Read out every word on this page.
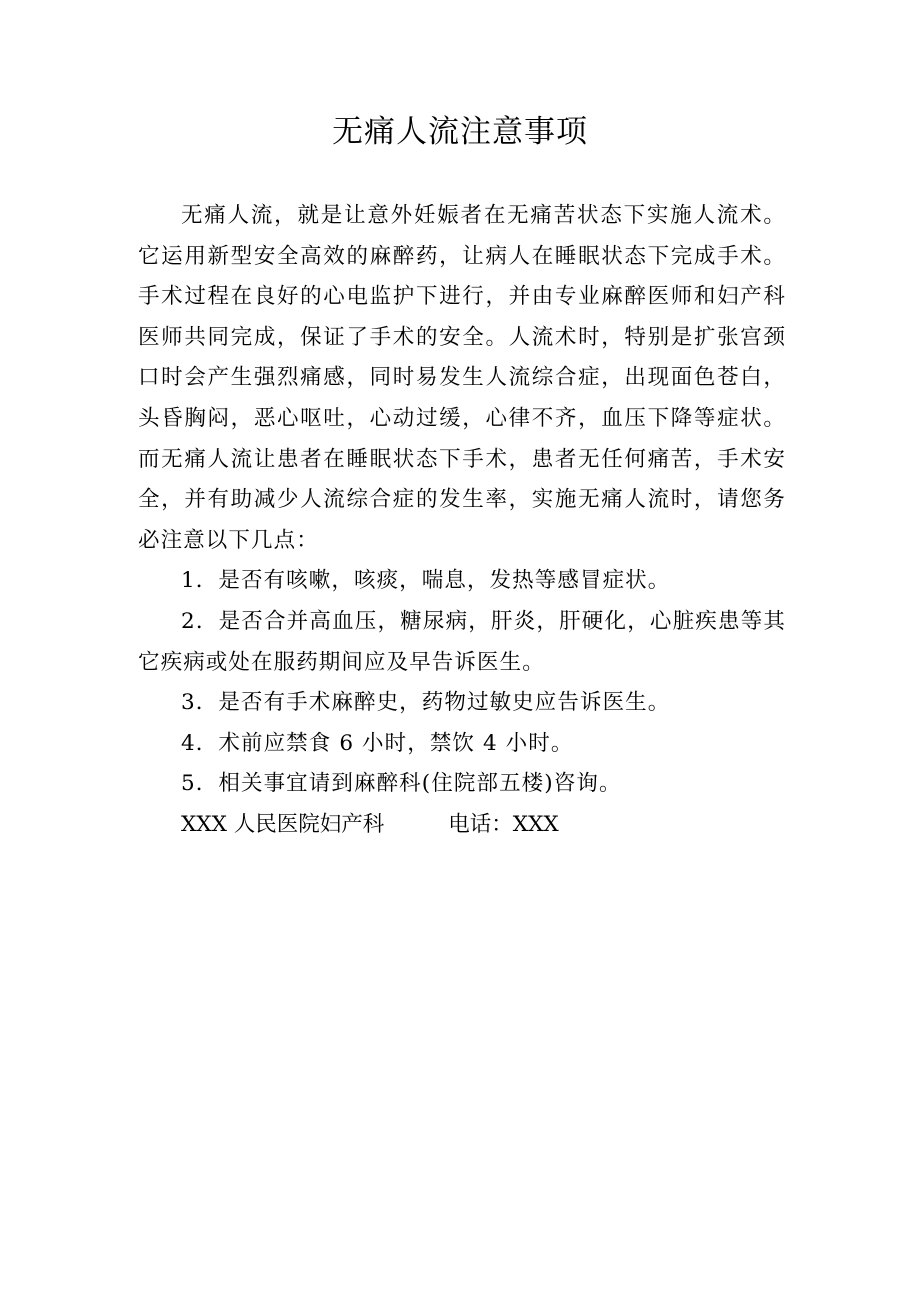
无痛人流注意事项

无痛人流，就是让意外妊娠者在无痛苦状态下实施人流术。它运用新型安全高效的麻醉药，让病人在睡眠状态下完成手术。手术过程在良好的心电监护下进行，并由专业麻醉医师和妇产科医师共同完成，保证了手术的安全。人流术时，特别是扩张宫颈口时会产生强烈痛感，同时易发生人流综合症，出现面色苍白，头昏胸闷，恶心呕吐，心动过缓，心律不齐，血压下降等症状。而无痛人流让患者在睡眠状态下手术，患者无任何痛苦，手术安全，并有助减少人流综合症的发生率，实施无痛人流时，请您务必注意以下几点：

1．是否有咳嗽，咳痰，喘息，发热等感冒症状。

2．是否合并高血压，糖尿病，肝炎，肝硬化，心脏疾患等其它疾病或处在服药期间应及早告诉医生。

3．是否有手术麻醉史，药物过敏史应告诉医生。

4．术前应禁食 6 小时，禁饮 4 小时。

5．相关事宜请到麻醉科(住院部五楼)咨询。

XXX 人民医院妇产科	电话：XXX
